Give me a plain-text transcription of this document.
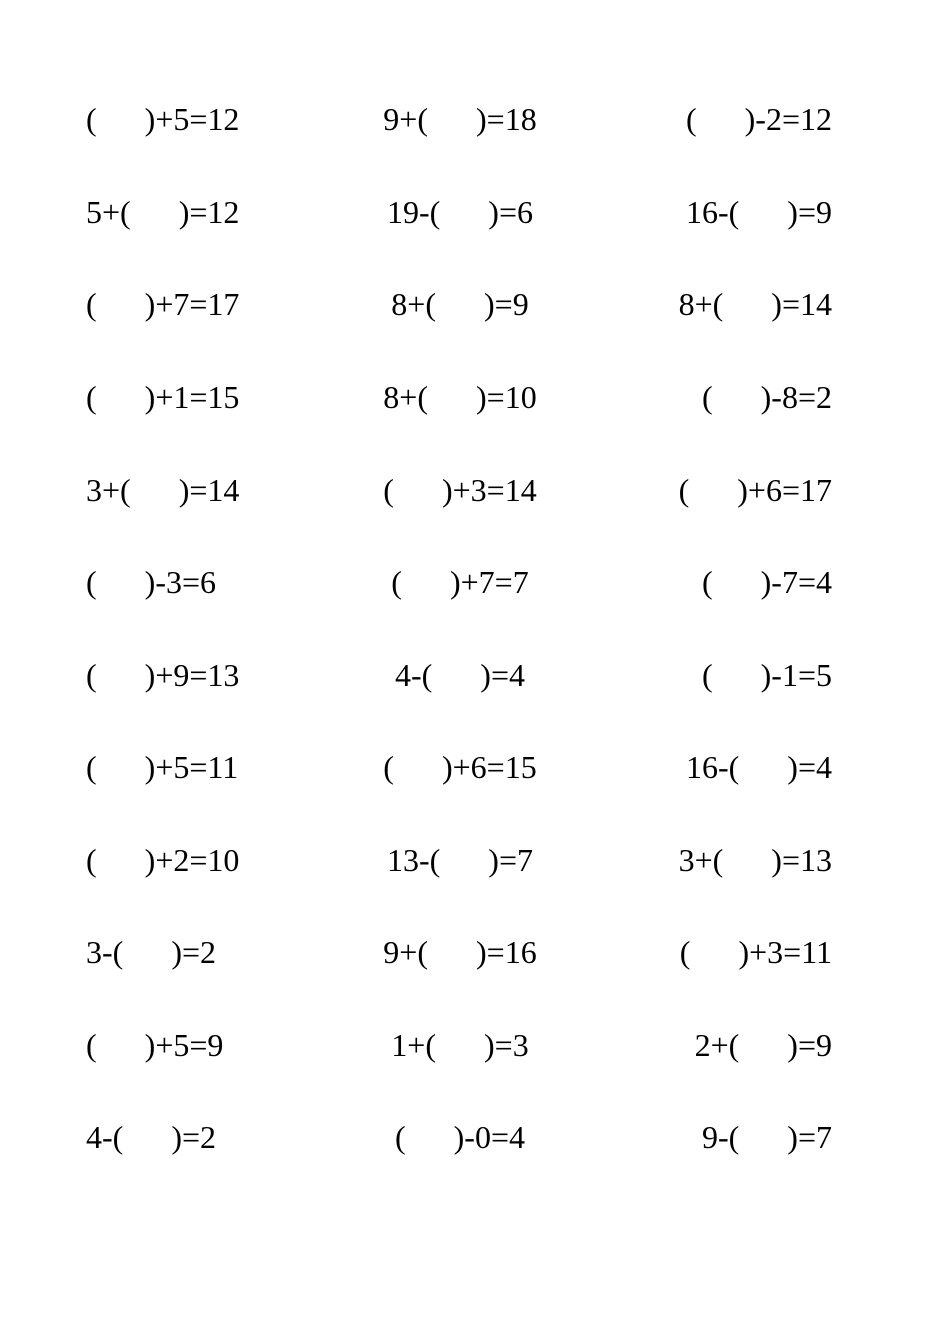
(      )+5=12	9+(      )=18	(      )-2=12
5+(      )=12	19-(      )=6	16-(      )=9
(      )+7=17	8+(      )=9	8+(      )=14
(      )+1=15	8+(      )=10	(      )-8=2
3+(      )=14	(      )+3=14	(      )+6=17
(      )-3=6	(      )+7=7	(      )-7=4
(      )+9=13	4-(      )=4	(      )-1=5
(      )+5=11	(      )+6=15	16-(      )=4
(      )+2=10	13-(      )=7	3+(      )=13
3-(      )=2	9+(      )=16	(      )+3=11
(      )+5=9	1+(      )=3	2+(      )=9
4-(      )=2	(      )-0=4	9-(      )=7
